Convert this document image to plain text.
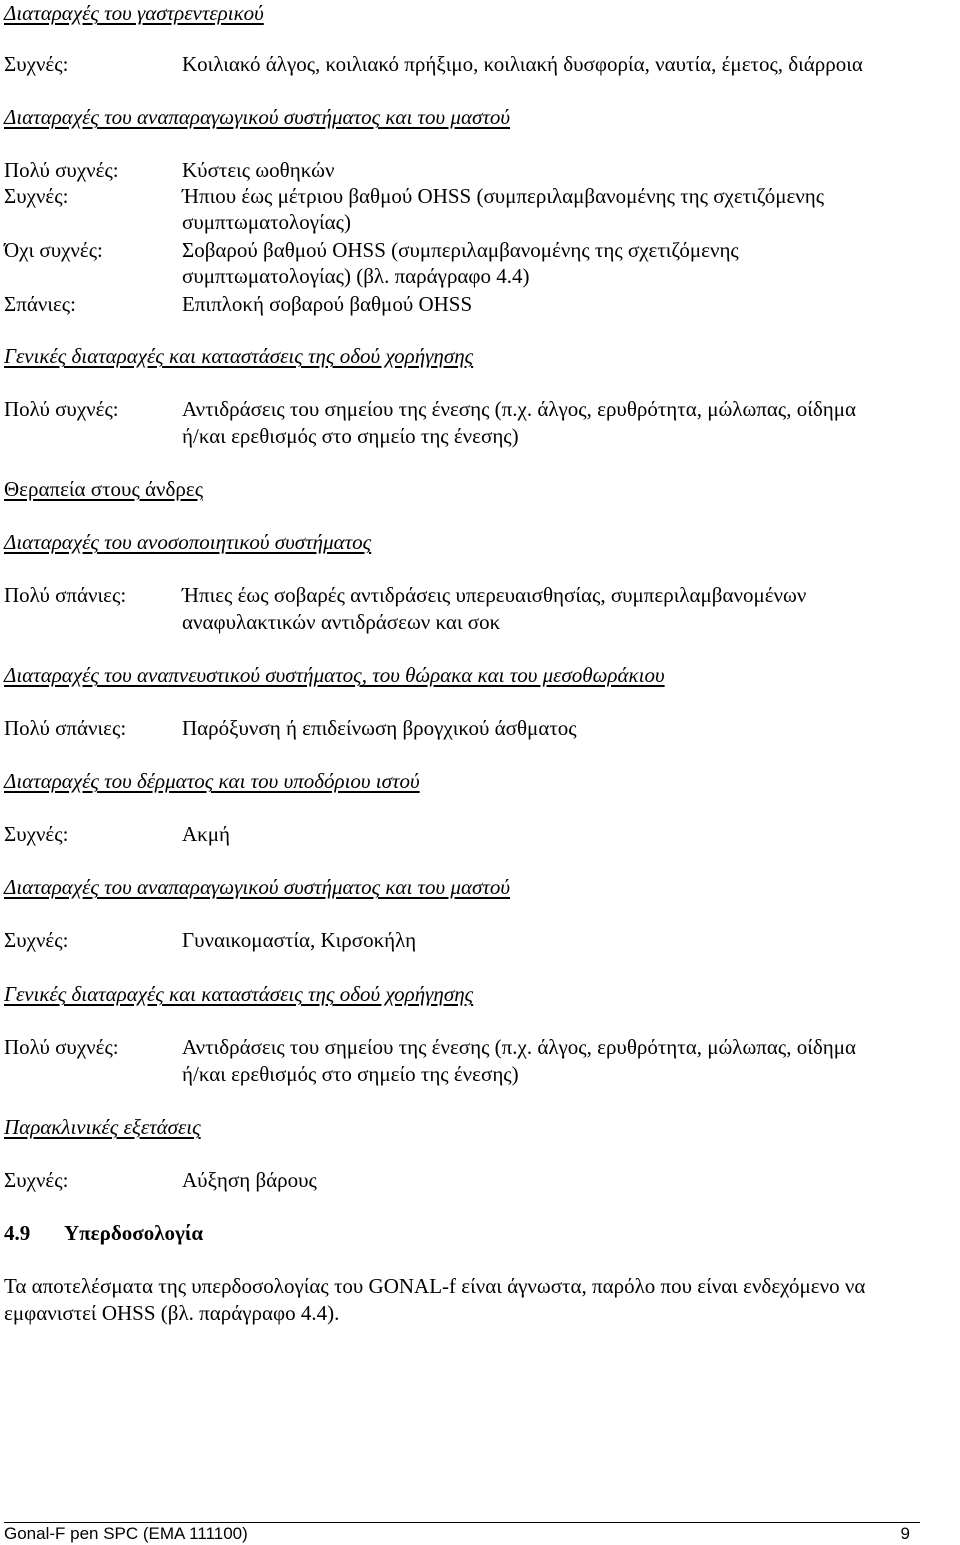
Διαταραχές του γαστρεντερικού
Συχνές:	Κοιλιακό άλγος, κοιλιακό πρήξιμο, κοιλιακή δυσφορία, ναυτία, έμετος, διάρροια
Διαταραχές του αναπαραγωγικού συστήματος και του μαστού
Πολύ συχνές:	Κύστεις ωοθηκών
Συχνές:	Ήπιου έως μέτριου βαθμού OHSS (συμπεριλαμβανομένης της σχετιζόμενης
συμπτωματολογίας)
Όχι συχνές:	Σοβαρού βαθμού OHSS (συμπεριλαμβανομένης της σχετιζόμενης
συμπτωματολογίας) (βλ. παράγραφο 4.4)
Σπάνιες:	Επιπλοκή σοβαρού βαθμού OHSS
Γενικές διαταραχές και καταστάσεις της οδού χορήγησης
Πολύ συχνές:	Αντιδράσεις του σημείου της ένεσης (π.χ. άλγος, ερυθρότητα, μώλωπας, οίδημα
ή/και ερεθισμός στο σημείο της ένεσης)
Θεραπεία στους άνδρες
Διαταραχές του ανοσοποιητικού συστήματος
Πολύ σπάνιες:	Ήπιες έως σοβαρές αντιδράσεις υπερευαισθησίας, συμπεριλαμβανομένων
αναφυλακτικών αντιδράσεων και σοκ
Διαταραχές του αναπνευστικού συστήματος, του θώρακα και του μεσοθωράκιου
Πολύ σπάνιες:	Παρόξυνση ή επιδείνωση βρογχικού άσθματος
Διαταραχές του δέρματος και του υποδόριου ιστού
Συχνές:	Ακμή
Διαταραχές του αναπαραγωγικού συστήματος και του μαστού
Συχνές:	Γυναικομαστία, Κιρσοκήλη
Γενικές διαταραχές και καταστάσεις της οδού χορήγησης
Πολύ συχνές:	Αντιδράσεις του σημείου της ένεσης (π.χ. άλγος, ερυθρότητα, μώλωπας, οίδημα
ή/και ερεθισμός στο σημείο της ένεσης)
Παρακλινικές εξετάσεις
Συχνές:	Αύξηση βάρους
4.9 Υπερδοσολογία
Τα αποτελέσματα της υπερδοσολογίας του GONAL-f είναι άγνωστα, παρόλο που είναι ενδεχόμενο να εμφανιστεί OHSS (βλ. παράγραφο 4.4).
Gonal-F pen SPC (EMA 111100)	9
